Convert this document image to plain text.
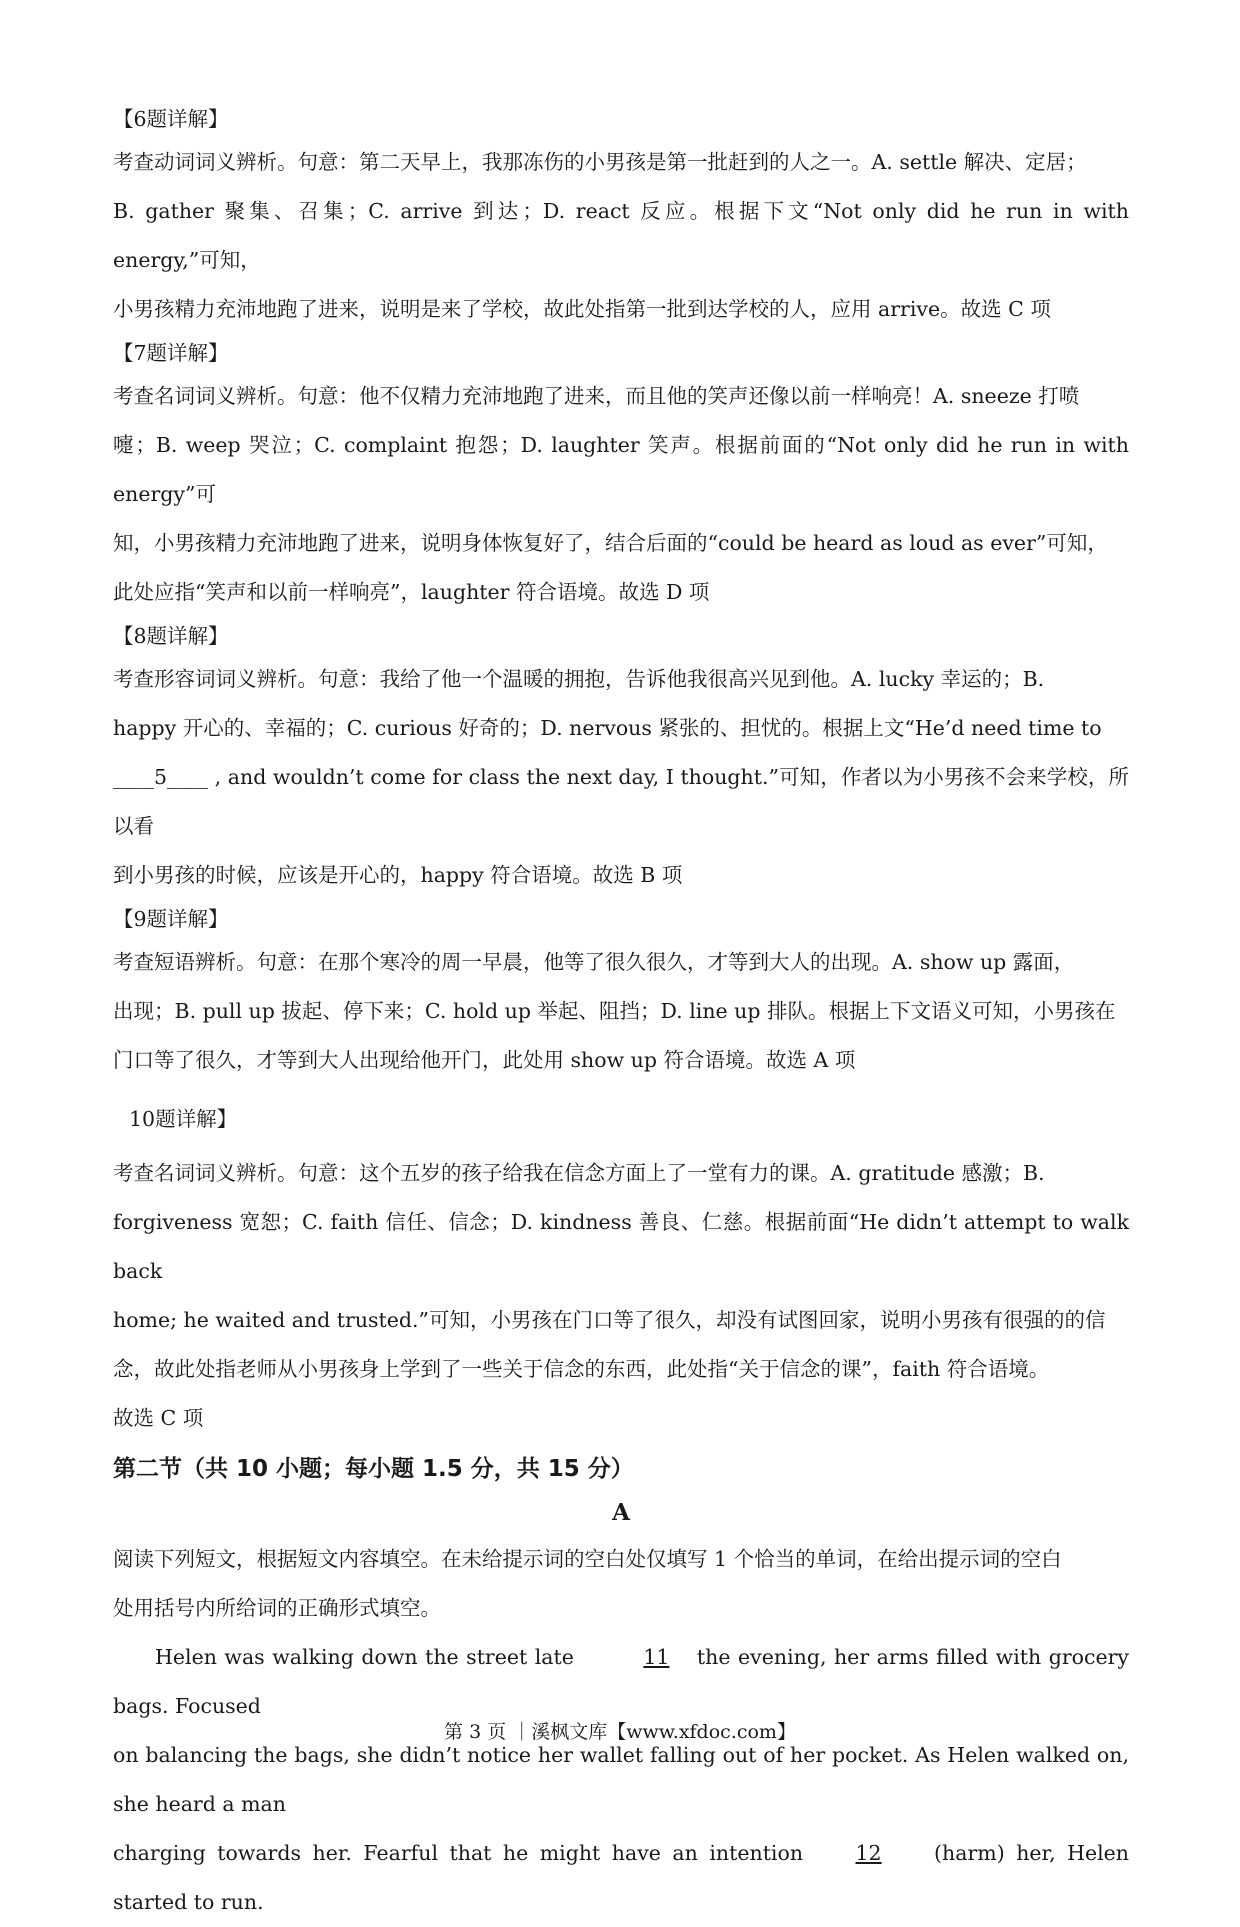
【6题详解】

考查动词词义辨析。句意：第二天早上，我那冻伤的小男孩是第一批赶到的人之一。A. settle 解决、定居；

B. gather 聚集、召集；C. arrive 到达；D. react 反应。根据下文“Not only did he run in with energy,”可知，

小男孩精力充沛地跑了进来，说明是来了学校，故此处指第一批到达学校的人，应用 arrive。故选 C 项

【7题详解】

考查名词词义辨析。句意：他不仅精力充沛地跑了进来，而且他的笑声还像以前一样响亮！A. sneeze 打喷

嚏；B. weep 哭泣；C. complaint 抱怨；D. laughter 笑声。根据前面的“Not only did he run in with energy”可

知，小男孩精力充沛地跑了进来，说明身体恢复好了，结合后面的“could be heard as loud as ever”可知，

此处应指“笑声和以前一样响亮”，laughter 符合语境。故选 D 项

【8题详解】

考查形容词词义辨析。句意：我给了他一个温暖的拥抱，告诉他我很高兴见到他。A. lucky 幸运的；B.

happy 开心的、幸福的；C. curious 好奇的；D. nervous 紧张的、担忧的。根据上文“He’d need time to

____5____ , and wouldn’t come for class the next day, I thought.”可知，作者以为小男孩不会来学校，所以看

到小男孩的时候，应该是开心的，happy 符合语境。故选 B 项

【9题详解】

考查短语辨析。句意：在那个寒冷的周一早晨，他等了很久很久，才等到大人的出现。A. show up 露面，

出现；B. pull up 拔起、停下来；C. hold up 举起、阻挡；D. line up 排队。根据上下文语义可知，小男孩在

门口等了很久，才等到大人出现给他开门，此处用 show up 符合语境。故选 A 项

10题详解】

考查名词词义辨析。句意：这个五岁的孩子给我在信念方面上了一堂有力的课。A. gratitude 感激；B.

forgiveness 宽恕；C. faith 信任、信念；D. kindness 善良、仁慈。根据前面“He didn’t attempt to walk back

home; he waited and trusted.”可知，小男孩在门口等了很久，却没有试图回家，说明小男孩有很强的的信

念，故此处指老师从小男孩身上学到了一些关于信念的东西，此处指“关于信念的课”，faith 符合语境。

故选 C 项

第二节（共 10 小题；每小题 1.5 分，共 15 分）

A

阅读下列短文，根据短文内容填空。在未给提示词的空白处仅填写 1 个恰当的单词，在给出提示词的空白

处用括号内所给词的正确形式填空。

Helen was walking down the street late	11 the evening, her arms filled with grocery bags. Focused

on balancing the bags, she didn’t notice her wallet falling out of her pocket. As Helen walked on, she heard a man

charging towards her. Fearful that he might have an intention 12 (harm) her, Helen started to run.

第 3 页 ｜溪枫文库【www.xfdoc.com】
